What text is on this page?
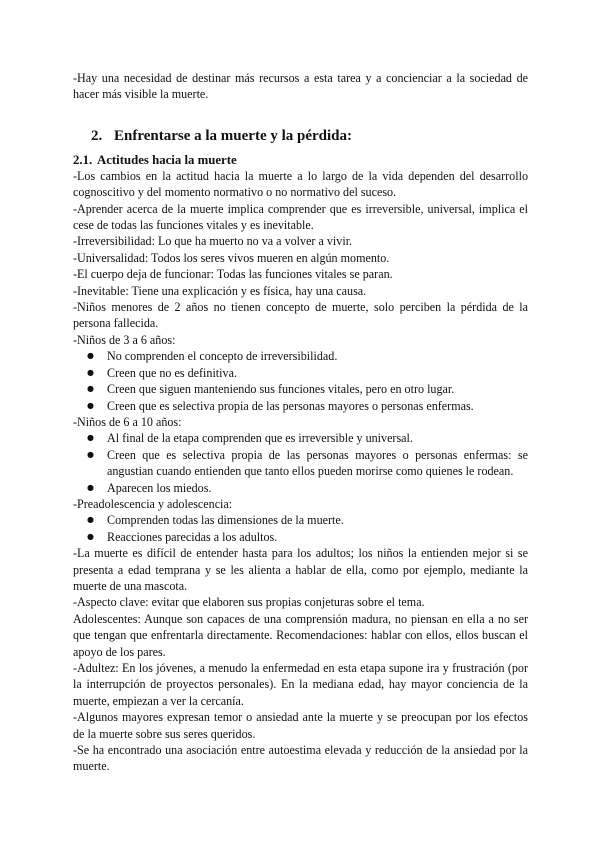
-Hay una necesidad de destinar más recursos a esta tarea y a concienciar a la sociedad de hacer más visible la muerte.

2. Enfrentarse a la muerte y la pérdida:
2.1. Actitudes hacia la muerte

-Los cambios en la actitud hacia la muerte a lo largo de la vida dependen del desarrollo cognoscitivo y del momento normativo o no normativo del suceso.

-Aprender acerca de la muerte implica comprender que es irreversible, universal, implica el cese de todas las funciones vitales y es inevitable.

-Irreversibilidad: Lo que ha muerto no va a volver a vivir.

-Universalidad: Todos los seres vivos mueren en algún momento.

-El cuerpo deja de funcionar: Todas las funciones vitales se paran.

-Inevitable: Tiene una explicación y es física, hay una causa.

-Niños menores de 2 años no tienen concepto de muerte, solo perciben la pérdida de la persona fallecida.

-Niños de 3 a 6 años:

● No comprenden el concepto de irreversibilidad.
● Creen que no es definitiva.
● Creen que siguen manteniendo sus funciones vitales, pero en otro lugar.
● Creen que es selectiva propia de las personas mayores o personas enfermas.

-Niños de 6 a 10 años:

● Al final de la etapa comprenden que es irreversible y universal.
● Creen que es selectiva propia de las personas mayores o personas enfermas: se angustian cuando entienden que tanto ellos pueden morirse como quienes le rodean.
● Aparecen los miedos.

-Preadolescencia y adolescencia:

● Comprenden todas las dimensiones de la muerte.
● Reacciones parecidas a los adultos.

-La muerte es difícil de entender hasta para los adultos; los niños la entienden mejor si se presenta a edad temprana y se les alienta a hablar de ella, como por ejemplo, mediante la muerte de una mascota.

-Aspecto clave: evitar que elaboren sus propias conjeturas sobre el tema.

Adolescentes: Aunque son capaces de una comprensión madura, no piensan en ella a no ser que tengan que enfrentarla directamente. Recomendaciones: hablar con ellos, ellos buscan el apoyo de los pares.

-Adultez: En los jóvenes, a menudo la enfermedad en esta etapa supone ira y frustración (por la interrupción de proyectos personales). En la mediana edad, hay mayor conciencia de la muerte, empiezan a ver la cercanía.

-Algunos mayores expresan temor o ansiedad ante la muerte y se preocupan por los efectos de la muerte sobre sus seres queridos.

-Se ha encontrado una asociación entre autoestima elevada y reducción de la ansiedad por la muerte.
